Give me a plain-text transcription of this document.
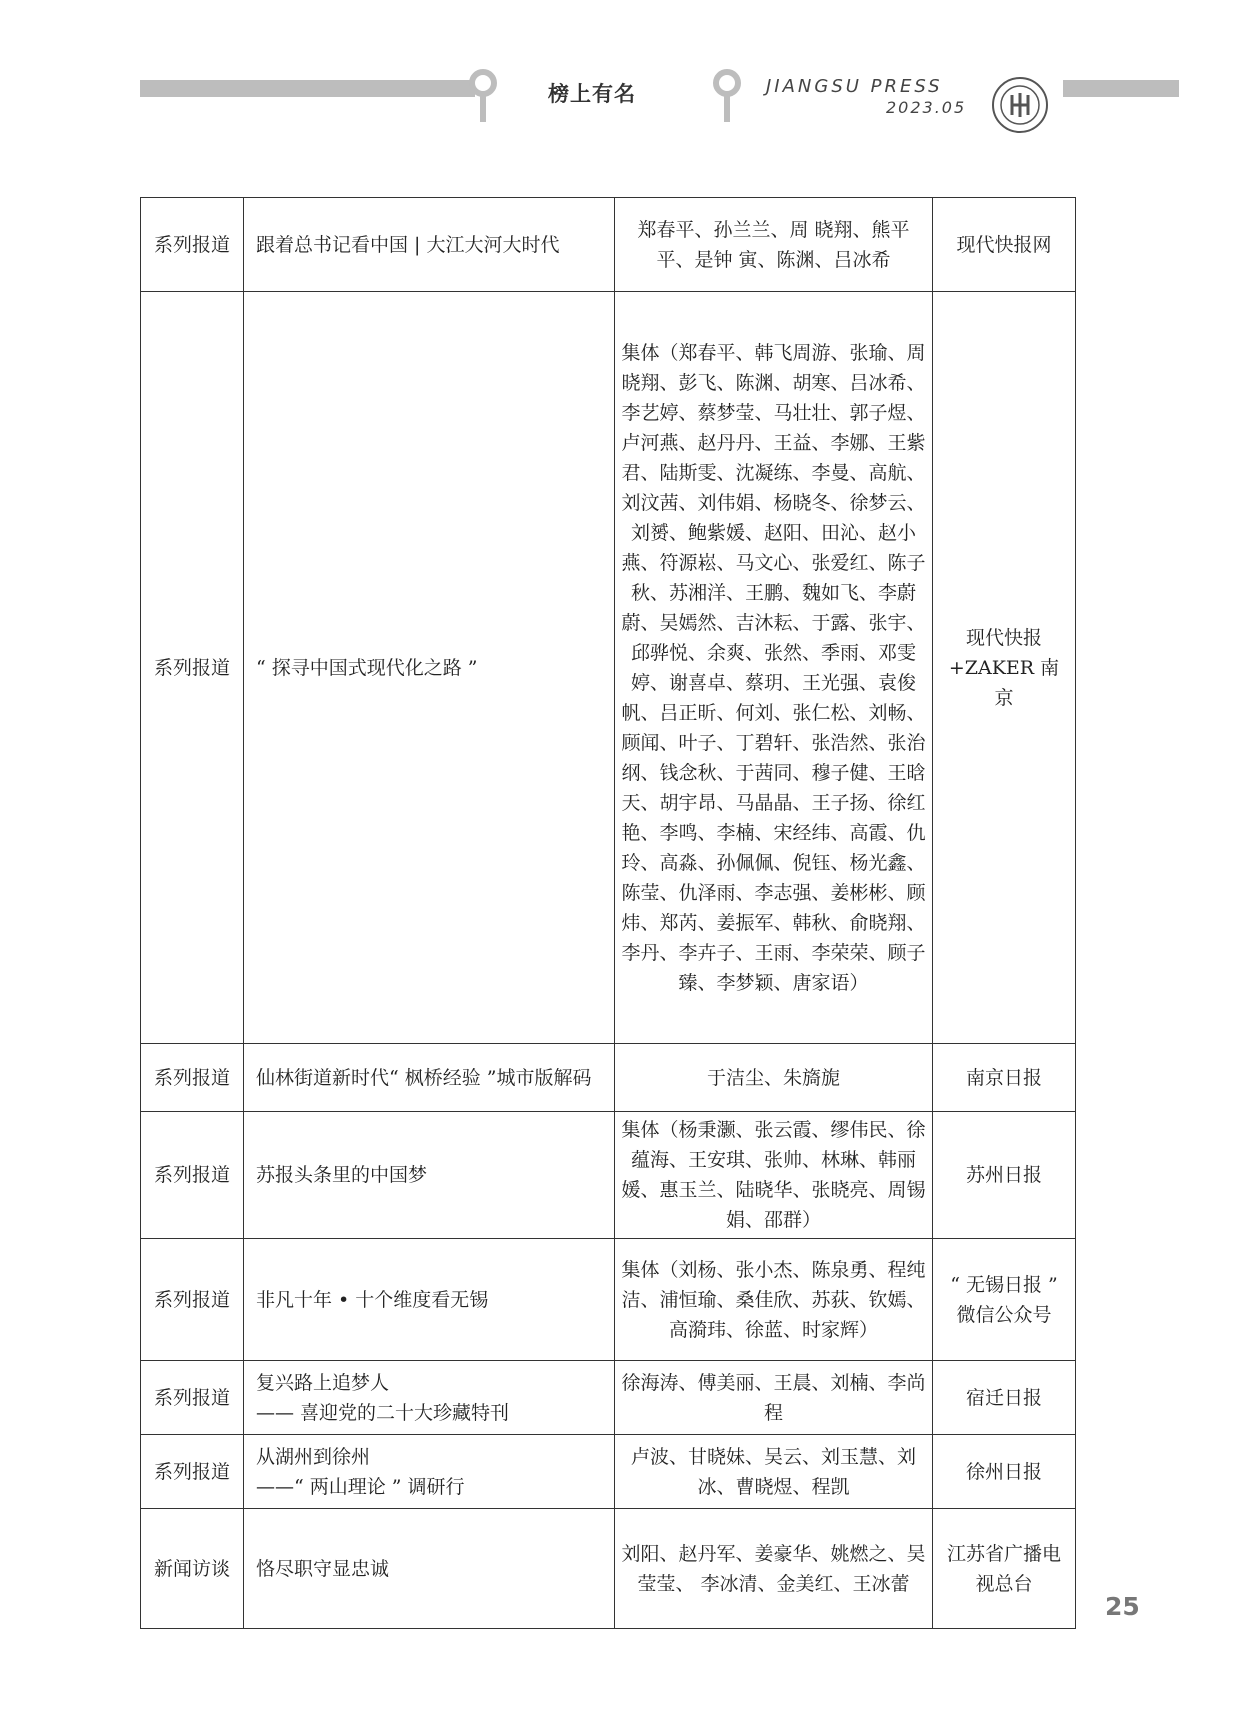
榜上有名	JIANGSU PRESS
2023.05
系列报道	跟着总书记看中国 | 大江大河大时代	郑春平、孙兰兰、周 晓翔、熊平平、是钟 寅、陈渊、吕冰希	现代快报网
系列报道	“ 探寻中国式现代化之路 ”	集体（郑春平、韩飞周游、张瑜、周晓翔、彭飞、陈渊、胡寒、吕冰希、李艺婷、蔡梦莹、马壮壮、郭子煜、卢河燕、赵丹丹、王益、李娜、王紫君、陆斯雯、沈凝练、李曼、高航、刘汶茜、刘伟娟、杨晓冬、徐梦云、刘赟、鲍紫媛、赵阳、田沁、赵小燕、符源崧、马文心、张爱红、陈子秋、苏湘洋、王鹏、魏如飞、李蔚蔚、吴嫣然、吉沐耘、于露、张宇、邱骅悦、余爽、张然、季雨、邓雯婷、谢喜卓、蔡玥、王光强、袁俊帆、吕正昕、何刘、张仁松、刘畅、顾闻、叶子、丁碧轩、张浩然、张治纲、钱念秋、于茜同、穆子健、王晗天、胡宇昂、马晶晶、王子扬、徐红艳、李鸣、李楠、宋经纬、高霞、仇玲、高淼、孙佩佩、倪钰、杨光鑫、陈莹、仇泽雨、李志强、姜彬彬、顾炜、郑芮、姜振军、韩秋、俞晓翔、李丹、李卉子、王雨、李荣荣、顾子臻、李梦颖、唐家语）	现代快报
+ZAKER 南京
系列报道	仙林街道新时代“ 枫桥经验 ”城市版解码	于洁尘、朱旖旎	南京日报
系列报道	苏报头条里的中国梦	集体（杨秉灏、张云霞、缪伟民、徐蕴海、王安琪、张帅、林琳、韩丽媛、惠玉兰、陆晓华、张晓亮、周锡娟、邵群）	苏州日报
系列报道	非凡十年 • 十个维度看无锡	集体（刘杨、张小杰、陈泉勇、程纯洁、浦恒瑜、桑佳欣、苏荻、钦嫣、高漪玮、徐蓝、时家辉）	“ 无锡日报 ” 微信公众号
系列报道	复兴路上追梦人
—— 喜迎党的二十大珍藏特刊	徐海涛、傅美丽、王晨、刘楠、李尚程	宿迁日报
系列报道	从湖州到徐州
——“ 两山理论 ” 调研行	卢波、甘晓妹、吴云、刘玉慧、刘冰、曹晓煜、程凯	徐州日报
新闻访谈	恪尽职守显忠诚	刘阳、赵丹军、姜豪华、姚燃之、吴莹莹、 李冰清、金美红、王冰蕾	江苏省广播电视总台
25
